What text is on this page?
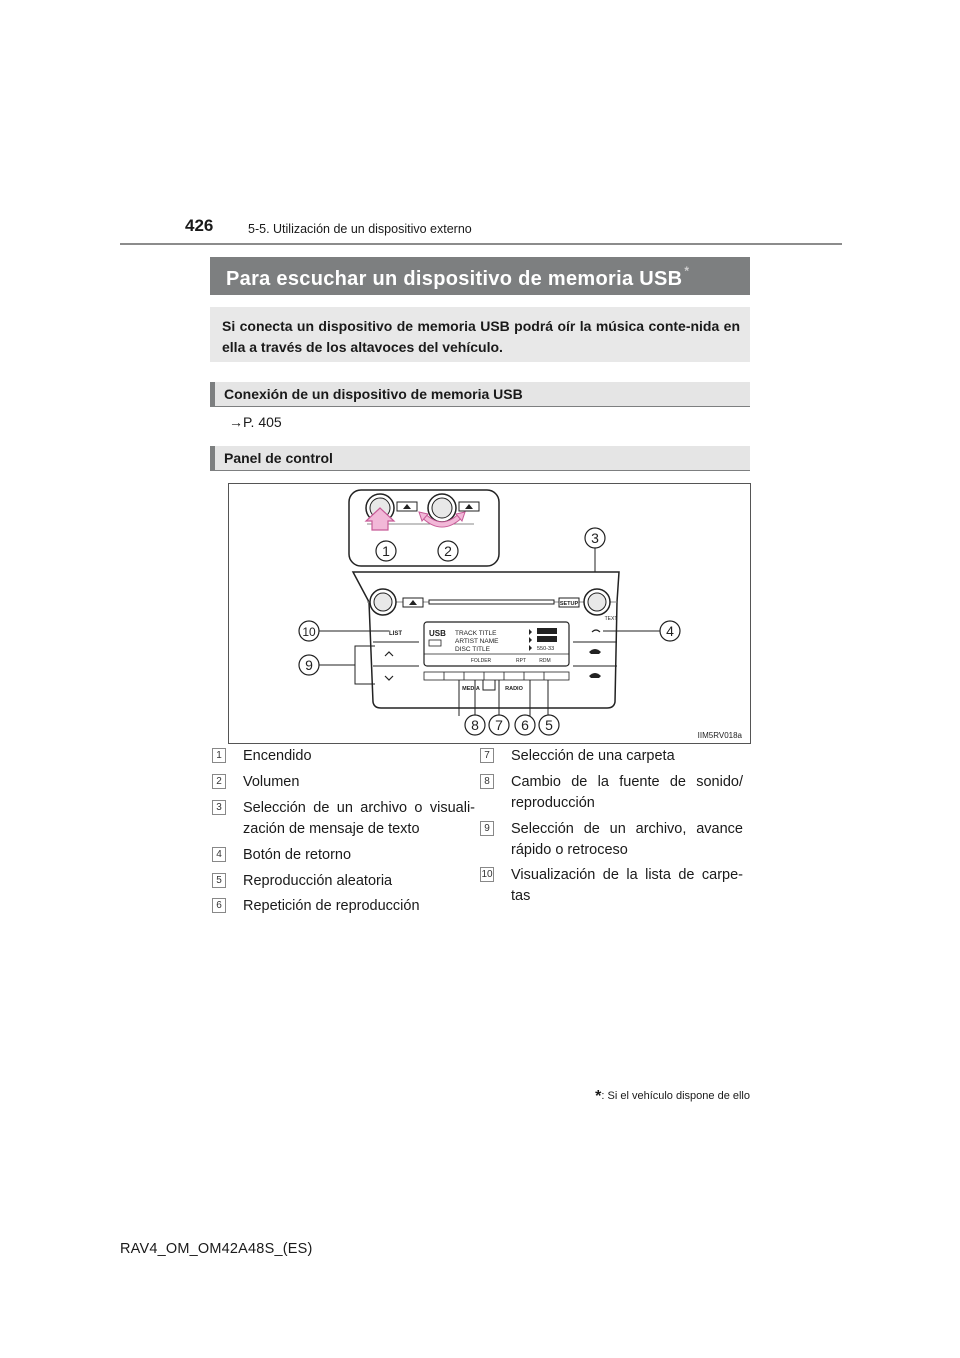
426	5-5. Utilización de un dispositivo externo
Para escuchar un dispositivo de memoria USB *
Si conecta un dispositivo de memoria USB podrá oír la música conte-nida en ella a través de los altavoces del vehículo.
Conexión de un dispositivo de memoria USB
→P. 405
Panel de control
1	2
3
SETUP
TEXT
LIST	USB TRACK TITLE
ARTIST NAME
DISC TITLE	550-33
FOLDER	RPT	RDM
MEDIA	RADIO
10
9
4
8 7 6 5
IIM5RV018a
1 Encendido
2 Volumen
3 Selección de un archivo o visuali-zación de mensaje de texto
4 Botón de retorno
5 Reproducción aleatoria
6 Repetición de reproducción
7 Selección de una carpeta
8 Cambio de la fuente de sonido/ reproducción
9 Selección de un archivo, avance rápido o retroceso
10 Visualización de la lista de carpe-tas
*: Si el vehículo dispone de ello
RAV4_OM_OM42A48S_(ES)
